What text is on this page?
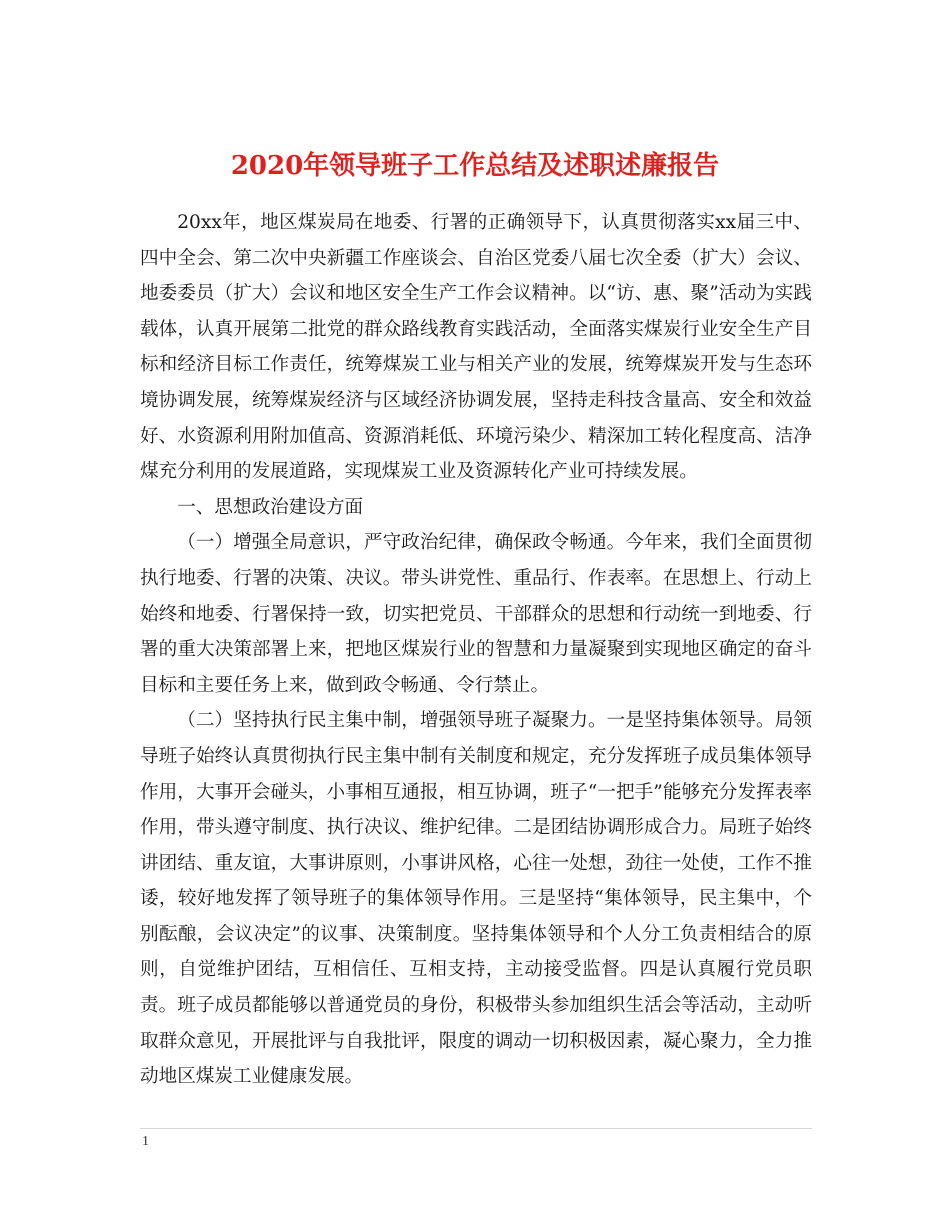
2020年领导班子工作总结及述职述廉报告

20xx年，地区煤炭局在地委、行署的正确领导下，认真贯彻落实xx届三中、四中全会、第二次中央新疆工作座谈会、自治区党委八届七次全委（扩大）会议、地委委员（扩大）会议和地区安全生产工作会议精神。以“访、惠、聚”活动为实践载体，认真开展第二批党的群众路线教育实践活动，全面落实煤炭行业安全生产目标和经济目标工作责任，统筹煤炭工业与相关产业的发展，统筹煤炭开发与生态环境协调发展，统筹煤炭经济与区域经济协调发展，坚持走科技含量高、安全和效益好、水资源利用附加值高、资源消耗低、环境污染少、精深加工转化程度高、洁净煤充分利用的发展道路，实现煤炭工业及资源转化产业可持续发展。

一、思想政治建设方面

（一）增强全局意识，严守政治纪律，确保政令畅通。今年来，我们全面贯彻执行地委、行署的决策、决议。带头讲党性、重品行、作表率。在思想上、行动上始终和地委、行署保持一致，切实把党员、干部群众的思想和行动统一到地委、行署的重大决策部署上来，把地区煤炭行业的智慧和力量凝聚到实现地区确定的奋斗目标和主要任务上来，做到政令畅通、令行禁止。

（二）坚持执行民主集中制，增强领导班子凝聚力。一是坚持集体领导。局领导班子始终认真贯彻执行民主集中制有关制度和规定，充分发挥班子成员集体领导作用，大事开会碰头，小事相互通报，相互协调，班子“一把手”能够充分发挥表率作用，带头遵守制度、执行决议、维护纪律。二是团结协调形成合力。局班子始终讲团结、重友谊，大事讲原则，小事讲风格，心往一处想，劲往一处使，工作不推诿，较好地发挥了领导班子的集体领导作用。三是坚持“集体领导，民主集中，个别酝酿，会议决定”的议事、决策制度。坚持集体领导和个人分工负责相结合的原则，自觉维护团结，互相信任、互相支持，主动接受监督。四是认真履行党员职责。班子成员都能够以普通党员的身份，积极带头参加组织生活会等活动，主动听取群众意见，开展批评与自我批评，限度的调动一切积极因素，凝心聚力，全力推动地区煤炭工业健康发展。

1
